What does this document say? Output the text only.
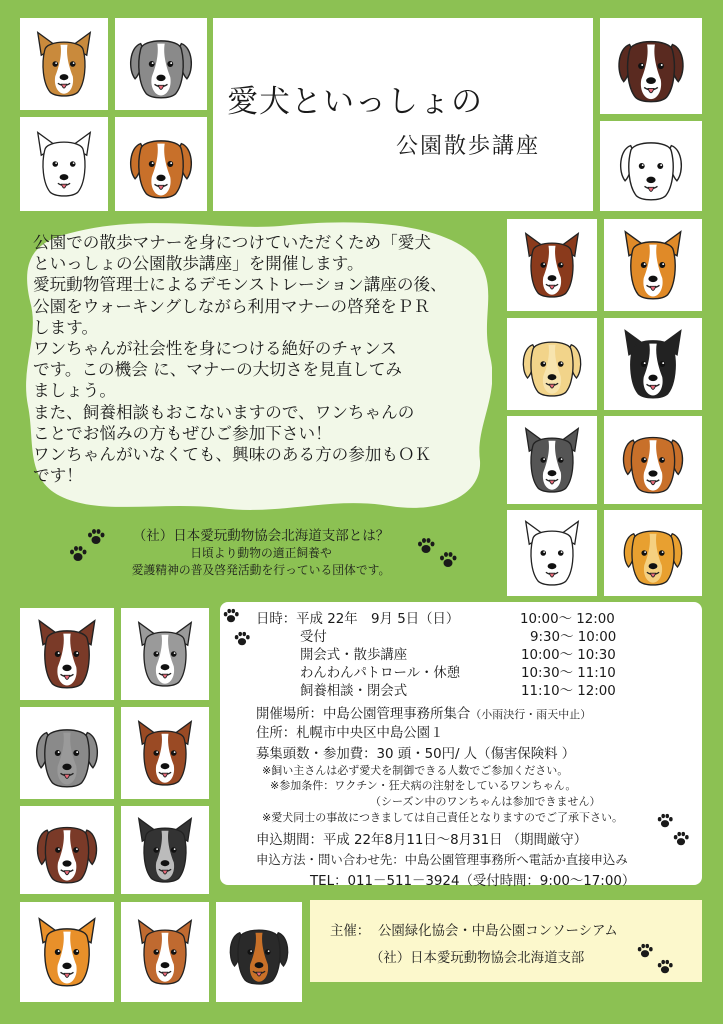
愛犬といっしょの
公園散歩講座
公園での散歩マナーを身につけていただくため「愛犬
といっしょの公園散歩講座」を開催します。
愛玩動物管理士によるデモンストレーション講座の後、
公園をウォーキングしながら利用マナーの啓発をＰＲ
します。
ワンちゃんが社会性を身につける絶好のチャンス
です。この機会 に、マナーの大切さを見直してみ
ましょう。
また、飼養相談もおこないますので、ワンちゃんの
ことでお悩みの方もぜひご参加下さい！
ワンちゃんがいなくても、興味のある方の参加もＯＫ
です！
（社）日本愛玩動物協会北海道支部とは？
日頃より動物の適正飼養や
愛護精神の普及啓発活動を行っている団体です。
日時：平成 22年　9月 5日（日）	10:00～ 12:00
受付	9:30～ 10:00
開会式・散歩講座	10:00～ 10:30
わんわんパトロール・休憩	10:30～ 11:10
飼養相談・閉会式	11:10～ 12:00
開催場所：中島公園管理事務所集合（小雨決行・雨天中止）
住所：札幌市中央区中島公園１
募集頭数・参加費：30 頭・50円/ 人（傷害保険料 ）
※飼い主さんは必ず愛犬を制御できる人数でご参加ください。
※参加条件：ワクチン・狂犬病の注射をしているワンちゃん。
（シーズン中のワンちゃんは参加できません）
※愛犬同士の事故につきましては自己責任となりますのでご了承下さい。
申込期間：平成 22年8月11日～8月31日 （期間厳守）
申込方法・問い合わせ先：中島公園管理事務所へ電話か直接申込み
TEL：011－511－3924（受付時間：9:00～17:00）
主催： 公園緑化協会・中島公園コンソーシアム
（社）日本愛玩動物協会北海道支部
